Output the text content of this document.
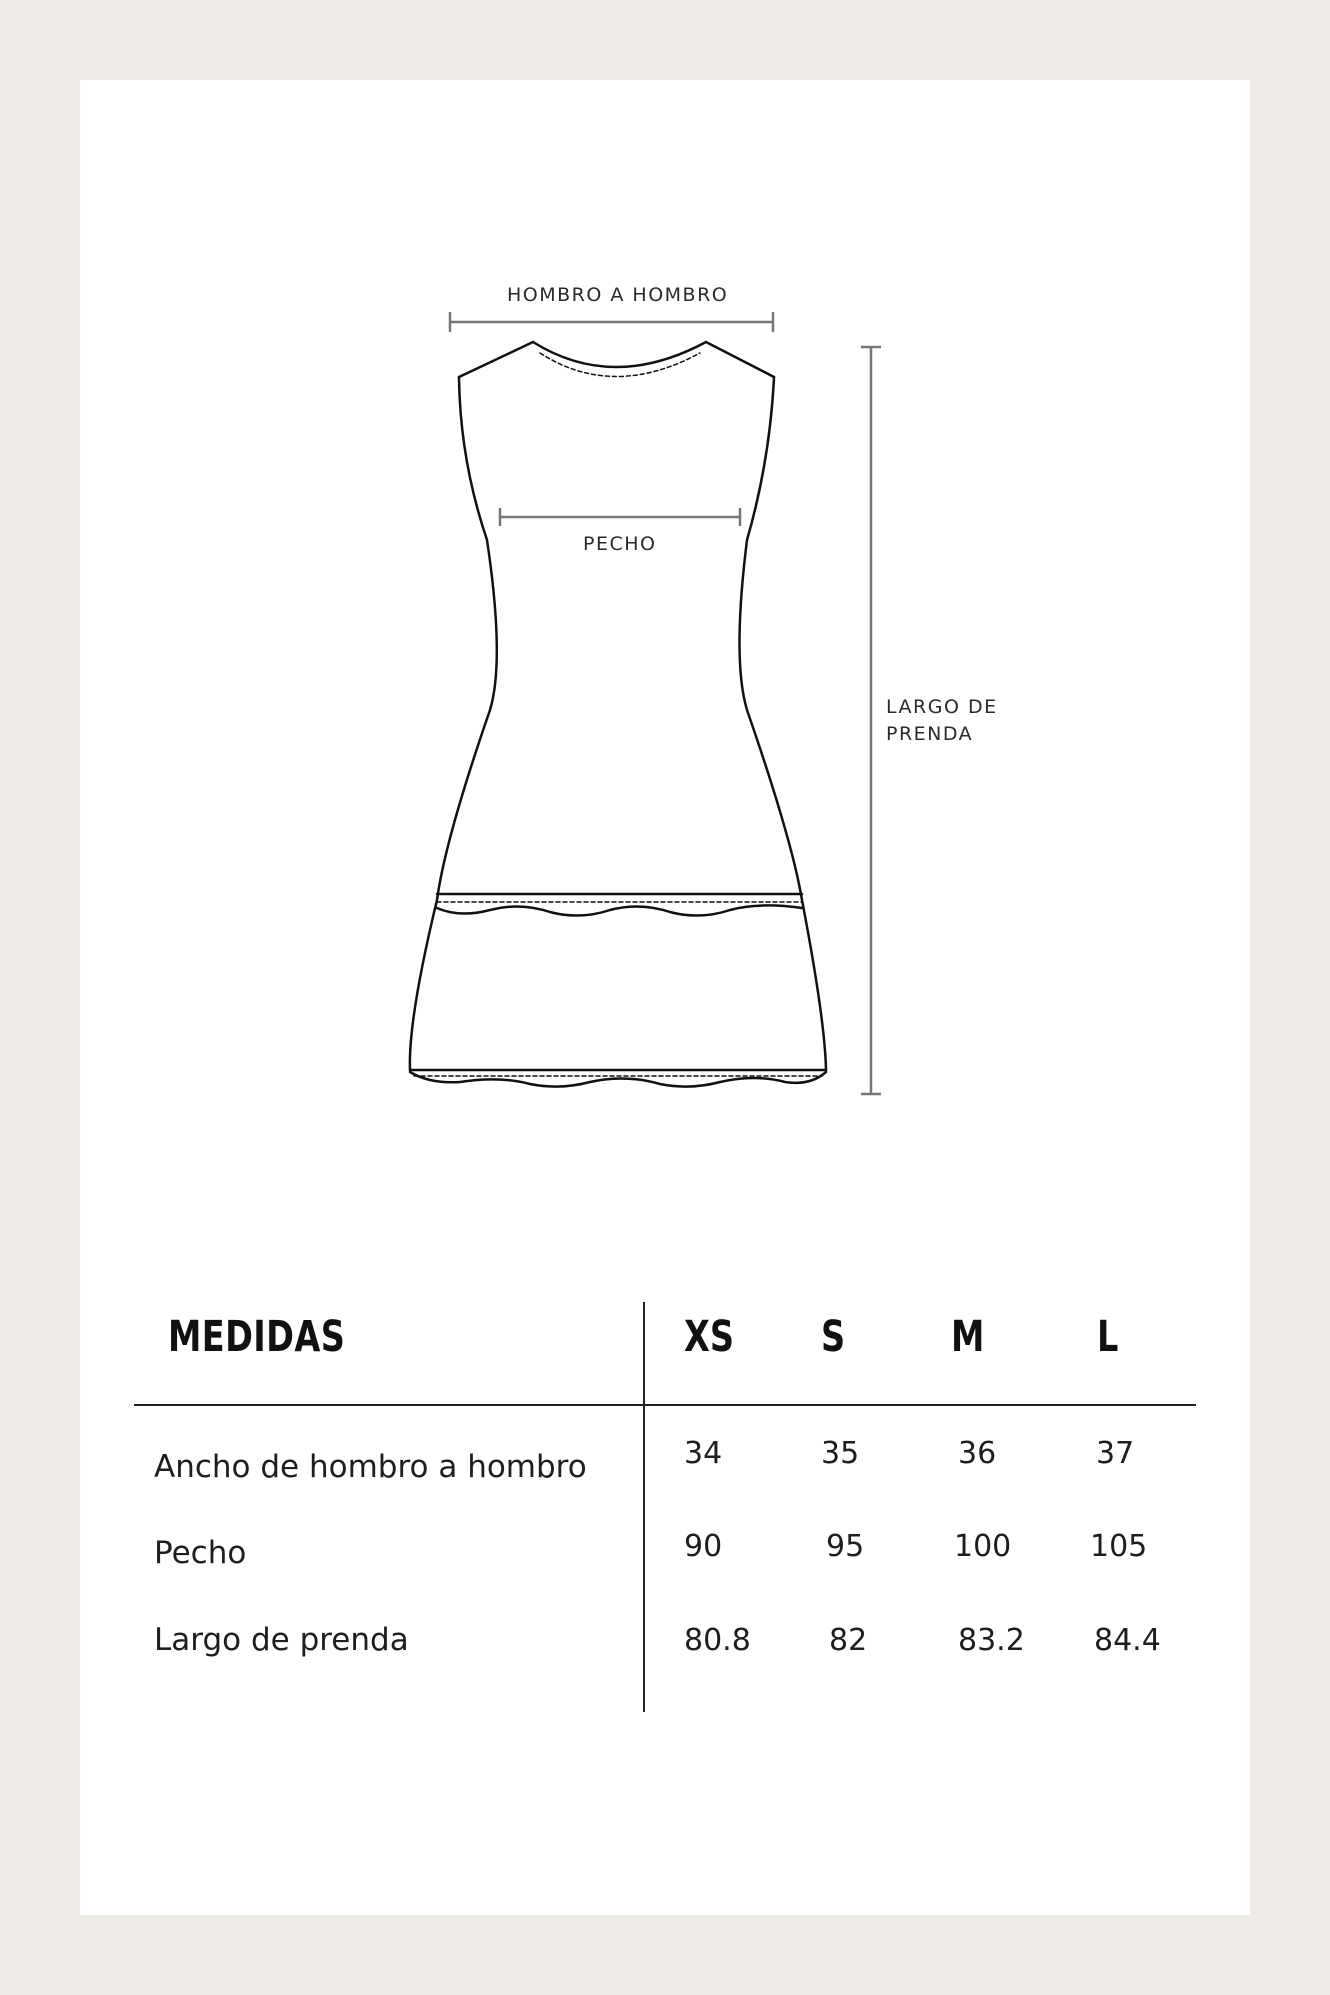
HOMBRO A HOMBRO
PECHO
LARGO DE PRENDA
MEDIDAS	XS S M	L
Ancho de hombro a hombro	34	35	36	37
Pecho	90	95	100	105
Largo de prenda	80.8	82	83.2 84.4
